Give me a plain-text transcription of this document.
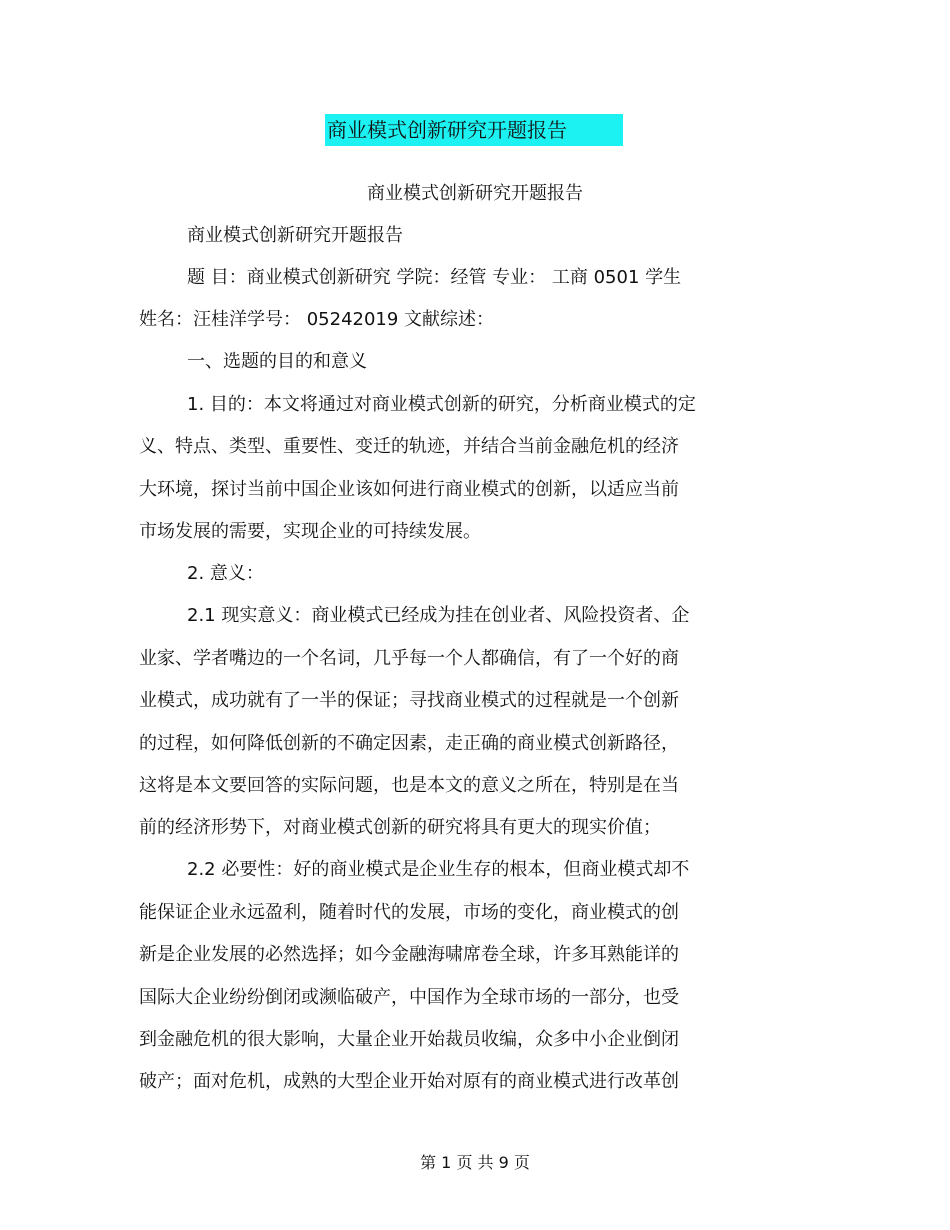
商业模式创新研究开题报告
商业模式创新研究开题报告
商业模式创新研究开题报告
题 目：商业模式创新研究 学院：经管 专业： 工商 0501 学生
姓名：汪桂洋学号： 05242019 文献综述：
一、选题的目的和意义
1. 目的：本文将通过对商业模式创新的研究，分析商业模式的定
义、特点、类型、重要性、变迁的轨迹，并结合当前金融危机的经济
大环境，探讨当前中国企业该如何进行商业模式的创新，以适应当前
市场发展的需要，实现企业的可持续发展。
2. 意义：
2.1 现实意义：商业模式已经成为挂在创业者、风险投资者、企
业家、学者嘴边的一个名词，几乎每一个人都确信，有了一个好的商
业模式，成功就有了一半的保证；寻找商业模式的过程就是一个创新
的过程，如何降低创新的不确定因素，走正确的商业模式创新路径，
这将是本文要回答的实际问题，也是本文的意义之所在，特别是在当
前的经济形势下，对商业模式创新的研究将具有更大的现实价值；
2.2 必要性：好的商业模式是企业生存的根本，但商业模式却不
能保证企业永远盈利，随着时代的发展，市场的变化，商业模式的创
新是企业发展的必然选择；如今金融海啸席卷全球，许多耳熟能详的
国际大企业纷纷倒闭或濒临破产，中国作为全球市场的一部分，也受
到金融危机的很大影响，大量企业开始裁员收编，众多中小企业倒闭
破产；面对危机，成熟的大型企业开始对原有的商业模式进行改革创
第 1 页 共 9 页
